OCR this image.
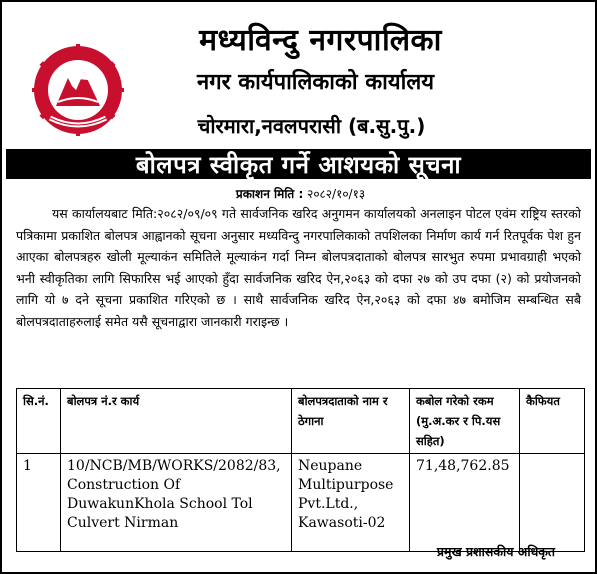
मध्यविन्दु नगरपालिका
नगर कार्यपालिकाको कार्यालय
चोरमारा,नवलपरासी (ब.सु.पु.)
बोलपत्र स्वीकृत गर्ने आशयको सूचना
प्रकाशन मिति : २०८२/१०/१३

यस कार्यालयबाट मिति:२०८२/०९/०९ गते सार्वजनिक खरिद अनुगमन कार्यालयको अनलाइन पोटल एवंम राष्ट्रिय स्तरको पत्रिकामा प्रकाशित बोलपत्र आह्वानको सूचना अनुसार मध्यविन्दु नगरपालिकाको तपशिलका निर्माण कार्य गर्न रितपूर्वक पेश हुन आएका बोलपत्रहरु खोली मूल्याकंन समितिले मूल्याकंन गर्दा निम्न बोलपत्रदाताको बोलपत्र सारभुत रुपमा प्रभावग्राही भएको भनी स्वीकृतिका लागि सिफारिस भई आएको हुँदा सार्वजनिक खरिद ऐन,२०६३ को दफा २७ को उप दफा (२) को प्रयोजनको लागि यो ७ दने सूचना प्रकाशित गरिएको छ । साथै सार्वजनिक खरिद ऐन,२०६३ को दफा ४७ बमोजिम सम्बन्धित सबै बोलपत्रदाताहरुलाई समेत यसै सूचनाद्वारा जानकारी गराइन्छ ।

सि.नं.	बोलपत्र नं.र कार्य	बोलपत्रदाताको नाम र ठेगाना	कबोल गरेको रकम (मु.अ.कर र पि.यस सहित)	कैफियत
1	10/NCB/MB/WORKS/2082/83, Construction Of DuwakunKhola School Tol Culvert Nirman	Neupane Multipurpose Pvt.Ltd., Kawasoti-02	71,48,762.85	
प्रमुख प्रशासकीय अधिकृत
